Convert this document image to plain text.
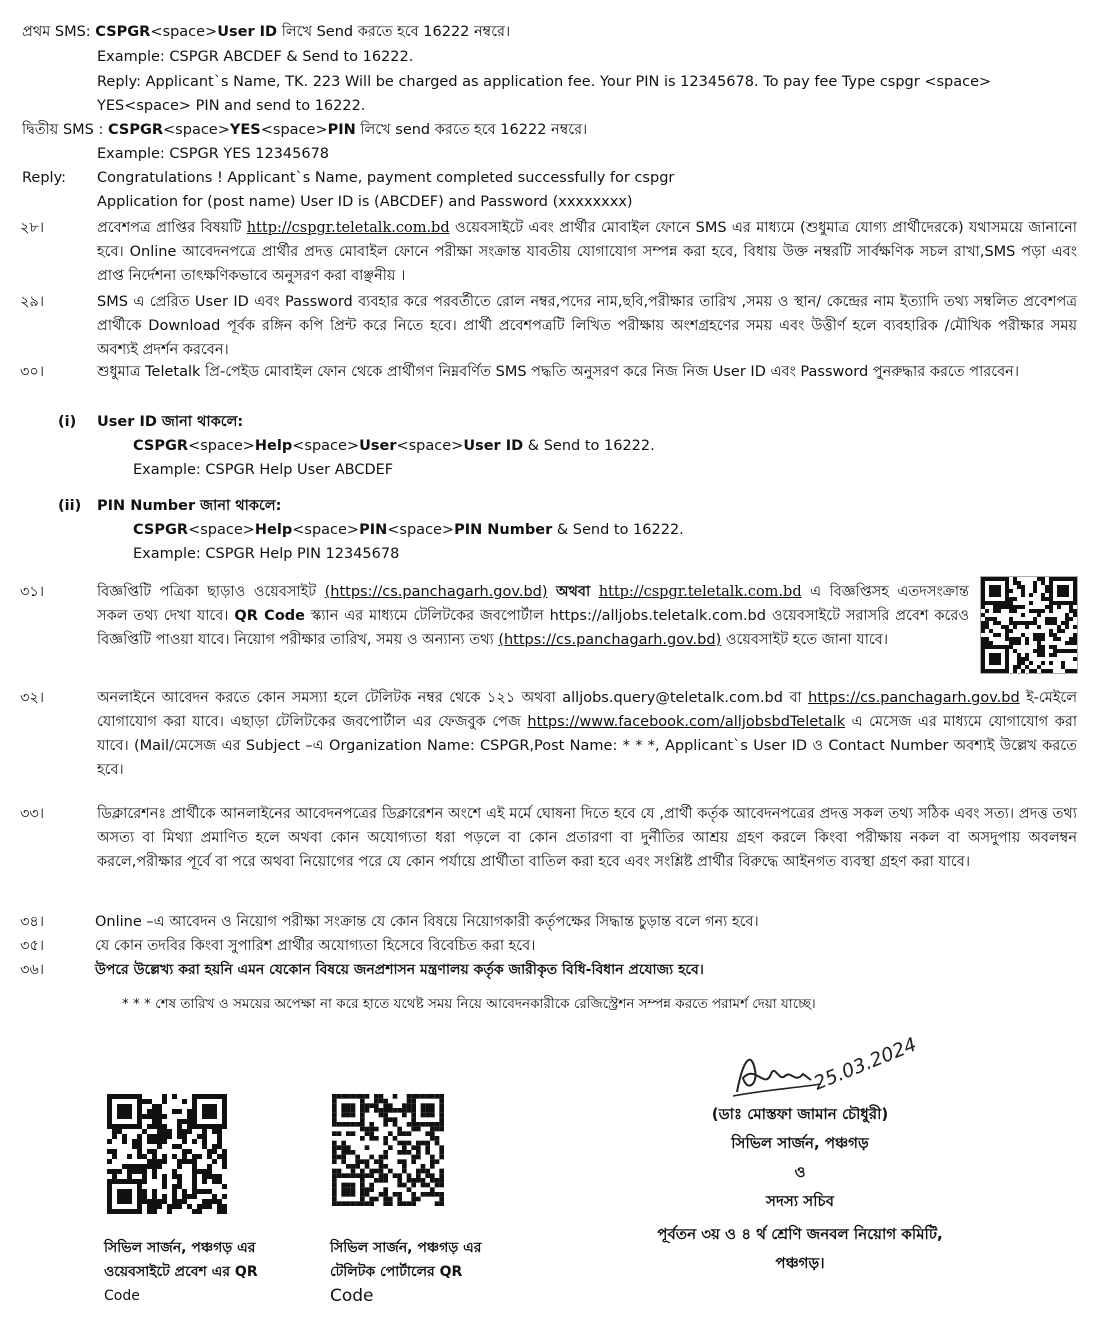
প্রথম SMS: CSPGR<space>User ID লিখে Send করতে হবে 16222 নম্বরে।
Example: CSPGR ABCDEF & Send to 16222.
Reply: Applicant`s Name, TK. 223 Will be charged as application fee. Your PIN is 12345678. To pay fee Type cspgr <space>
YES<space> PIN and send to 16222.
দ্বিতীয় SMS : CSPGR<space>YES<space>PIN লিখে send করতে হবে 16222 নম্বরে।
Example: CSPGR YES 12345678
Reply: Congratulations ! Applicant`s Name, payment completed successfully for cspgr
Application for (post name) User ID is (ABCDEF) and Password (xxxxxxxx)
২৮।	প্রবেশপত্র প্রাপ্তির বিষয়টি http://cspgr.teletalk.com.bd ওয়েবসাইটে এবং প্রার্থীর মোবাইল ফোনে SMS এর মাধ্যমে (শুধুমাত্র যোগ্য প্রার্থীদেরকে) যথাসময়ে জানানো হবে। Online আবেদনপত্রে প্রার্থীর প্রদত্ত মোবাইল ফোনে পরীক্ষা সংক্রান্ত যাবতীয় যোগাযোগ সম্পন্ন করা হবে, বিধায় উক্ত নম্বরটি সার্বক্ষণিক সচল রাখা,SMS পড়া এবং প্রাপ্ত নির্দেশনা তাৎক্ষণিকভাবে অনুসরণ করা বাঞ্ছনীয় ।
২৯।	SMS এ প্রেরিত User ID এবং Password ব্যবহার করে পরবর্তীতে রোল নম্বর,পদের নাম,ছবি,পরীক্ষার তারিখ ,সময় ও স্থান/ কেন্দ্রের নাম ইত্যাদি তথ্য সম্বলিত প্রবেশপত্র প্রার্থীকে Download পূর্বক রঙ্গিন কপি প্রিন্ট করে নিতে হবে। প্রার্থী প্রবেশপত্রটি লিখিত পরীক্ষায় অংশগ্রহণের সময় এবং উত্তীর্ণ হলে ব্যবহারিক /মৌখিক পরীক্ষার সময় অবশ্যই প্রদর্শন করবেন।
৩০।	শুধুমাত্র Teletalk প্রি-পেইড মোবাইল ফোন থেকে প্রার্থীগণ নিম্নবর্ণিত SMS পদ্ধতি অনুসরণ করে নিজ নিজ User ID এবং Password পুনরুদ্ধার করতে পারবেন।
(i) User ID জানা থাকলে:
CSPGR<space>Help<space>User<space>User ID & Send to 16222.
Example: CSPGR Help User ABCDEF
(ii) PIN Number জানা থাকলে:
CSPGR<space>Help<space>PIN<space>PIN Number & Send to 16222.
Example: CSPGR Help PIN 12345678
৩১।	বিজ্ঞপ্তিটি পত্রিকা ছাড়াও ওয়েবসাইট (https://cs.panchagarh.gov.bd) অথবা http://cspgr.teletalk.com.bd এ বিজ্ঞপ্তিসহ এতদসংক্রান্ত সকল তথ্য দেখা যাবে। QR Code স্ক্যান এর মাধ্যমে টেলিটকের জবপোর্টাল https://alljobs.teletalk.com.bd ওয়েবসাইটে সরাসরি প্রবেশ করেও বিজ্ঞপ্তিটি পাওয়া যাবে। নিয়োগ পরীক্ষার তারিখ, সময় ও অন্যান্য তথ্য (https://cs.panchagarh.gov.bd) ওয়েবসাইট হতে জানা যাবে।
৩২।	অনলাইনে আবেদন করতে কোন সমস্যা হলে টেলিটক নম্বর থেকে ১২১ অথবা alljobs.query@teletalk.com.bd বা https://cs.panchagarh.gov.bd ই-মেইলে যোগাযোগ করা যাবে। এছাড়া টেলিটকের জবপোর্টাল এর ফেজবুক পেজ https://www.facebook.com/alljobsbdTeletalk এ মেসেজ এর মাধ্যমে যোগাযোগ করা যাবে। (Mail/মেসেজ এর Subject –এ Organization Name: CSPGR,Post Name: * * *, Applicant`s User ID ও Contact Number অবশ্যই উল্লেখ করতে হবে।
৩৩।	ডিক্লারেশনঃ প্রার্থীকে আনলাইনের আবেদনপত্রের ডিক্লারেশন অংশে এই মর্মে ঘোষনা দিতে হবে যে ,প্রার্থী কর্তৃক আবেদনপত্রের প্রদত্ত সকল তথ্য সঠিক এবং সত্য। প্রদত্ত তথ্য অসত্য বা মিথ্যা প্রমাণিত হলে অথবা কোন অযোগ্যতা ধরা পড়লে বা কোন প্রতারণা বা দুর্নীতির আশ্রয় গ্রহণ করলে কিংবা পরীক্ষায় নকল বা অসদুপায় অবলম্বন করলে,পরীক্ষার পূর্বে বা পরে অথবা নিয়োগের পরে যে কোন পর্যায়ে প্রার্থীতা বাতিল করা হবে এবং সংশ্লিষ্ট প্রার্থীর বিরুদ্ধে আইনগত ব্যবস্থা গ্রহণ করা যাবে।
৩৪।	Online –এ আবেদন ও নিয়োগ পরীক্ষা সংক্রান্ত যে কোন বিষয়ে নিয়োগকারী কর্তৃপক্ষের সিদ্ধান্ত চুড়ান্ত বলে গন্য হবে।
৩৫।	যে কোন তদবির কিংবা সুপারিশ প্রার্থীর অযোগ্যতা হিসেবে বিবেচিত করা হবে।
৩৬।	উপরে উল্লেখ্য করা হয়নি এমন যেকোন বিষয়ে জনপ্রশাসন মন্ত্রণালয় কর্তৃক জারীকৃত বিধি-বিধান প্রযোজ্য হবে।
* * * শেষ তারিখ ও সময়ের অপেক্ষা না করে হাতে যথেষ্ট সময় নিয়ে আবেদনকারীকে রেজিস্ট্রেশন সম্পন্ন করতে পরামর্শ দেয়া যাচ্ছে।
25.03.2024
(ডাঃ মোস্তফা জামান চৌধুরী)
সিভিল সার্জন, পঞ্চগড়
ও
সদস্য সচিব
পূর্বতন ৩য় ও ৪ র্থ শ্রেণি জনবল নিয়োগ কমিটি,
পঞ্চগড়।
সিভিল সার্জন, পঞ্চগড় এর
ওয়েবসাইটে প্রবেশ এর QR
Code
সিভিল সার্জন, পঞ্চগড় এর
টেলিটক পোর্টালের QR
Code
